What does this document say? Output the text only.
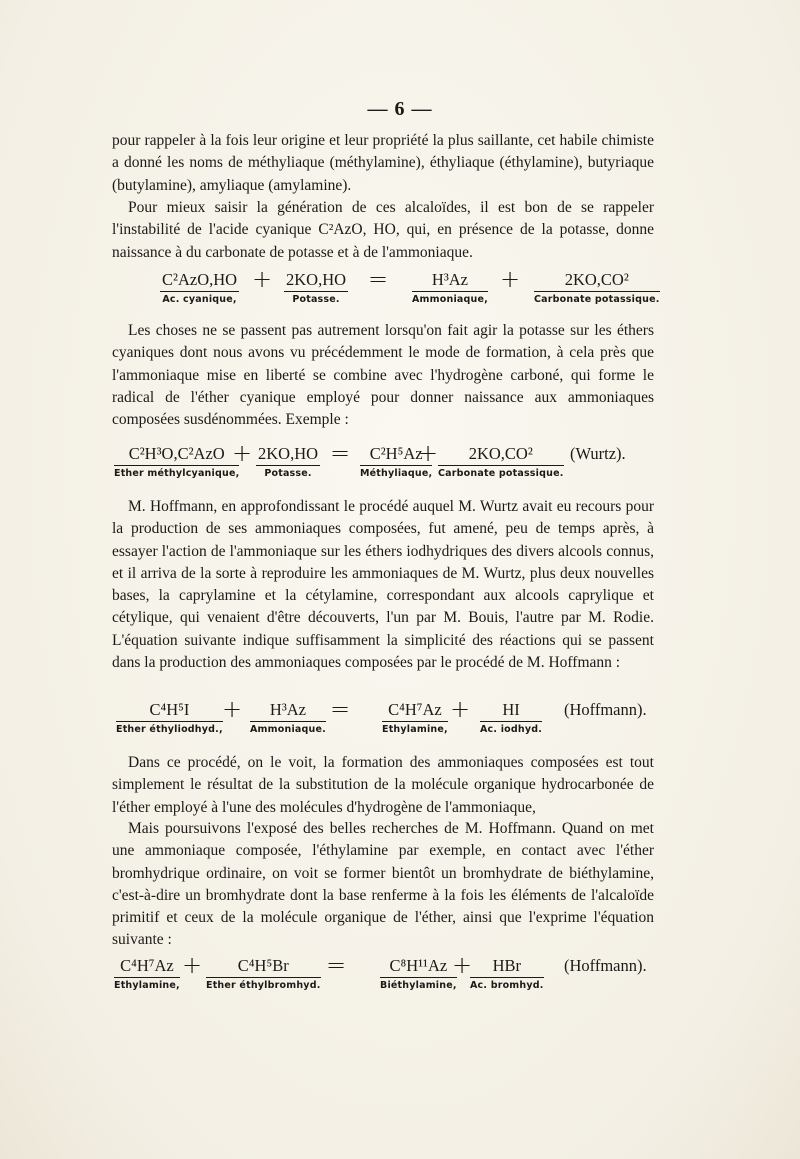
— 6 —

pour rappeler à la fois leur origine et leur propriété la plus saillante, cet habile chimiste a donné les noms de méthyliaque (méthylamine), éthyliaque (éthylamine), butyriaque (butylamine), amyliaque (amylamine).

Pour mieux saisir la génération de ces alcaloïdes, il est bon de se rappeler l'instabilité de l'acide cyanique C²AzO, HO, qui, en présence de la potasse, donne naissance à du carbonate de potasse et à de l'ammoniaque.

C²AzO,HO
Ac. cyanique,
+ 2KO,HO
Potasse.
=	H³Az
Ammoniaque,
+	2KO,CO²
Carbonate potassique.

Les choses ne se passent pas autrement lorsqu'on fait agir la potasse sur les éthers cyaniques dont nous avons vu précédemment le mode de formation, à cela près que l'ammoniaque mise en liberté se combine avec l'hydrogène carboné, qui forme le radical de l'éther cyanique employé pour donner naissance aux ammoniaques composées susdénommées. Exemple :

C²H³O,C²AzO
Ether méthylcyanique,
+ 2KO,HO
Potasse.
=	C²H⁵Az
Méthyliaque,
+	2KO,CO²
Carbonate potassique.
(Wurtz).

M. Hoffmann, en approfondissant le procédé auquel M. Wurtz avait eu recours pour la production de ses ammoniaques composées, fut amené, peu de temps après, à essayer l'action de l'ammoniaque sur les éthers iodhydriques des divers alcools connus, et il arriva de la sorte à reproduire les ammoniaques de M. Wurtz, plus deux nouvelles bases, la caprylamine et la cétylamine, correspondant aux alcools caprylique et cétylique, qui venaient d'être découverts, l'un par M. Bouis, l'autre par M. Rodie. L'équation suivante indique suffisamment la simplicité des réactions qui se passent dans la production des ammoniaques composées par le procédé de M. Hoffmann :

C⁴H⁵I
Ether éthyliodhyd.,
+	H³Az
Ammoniaque.
=	C⁴H⁷Az
Ethylamine,
+	HI
Ac. iodhyd.
(Hoffmann).

Dans ce procédé, on le voit, la formation des ammoniaques composées est tout simplement le résultat de la substitution de la molécule organique hydrocarbonée de l'éther employé à l'une des molécules d'hydrogène de l'ammoniaque,

Mais poursuivons l'exposé des belles recherches de M. Hoffmann. Quand on met une ammoniaque composée, l'éthylamine par exemple, en contact avec l'éther bromhydrique ordinaire, on voit se former bientôt un bromhydrate de biéthylamine, c'est-à-dire un bromhydrate dont la base renferme à la fois les éléments de l'alcaloïde primitif et ceux de la molécule organique de l'éther, ainsi que l'exprime l'équation suivante :

C⁴H⁷Az
Ethylamine,
+	C⁴H⁵Br
Ether éthylbromhyd.
=	C⁸H¹¹Az
Biéthylamine,
+	HBr
Ac. bromhyd.
(Hoffmann).
